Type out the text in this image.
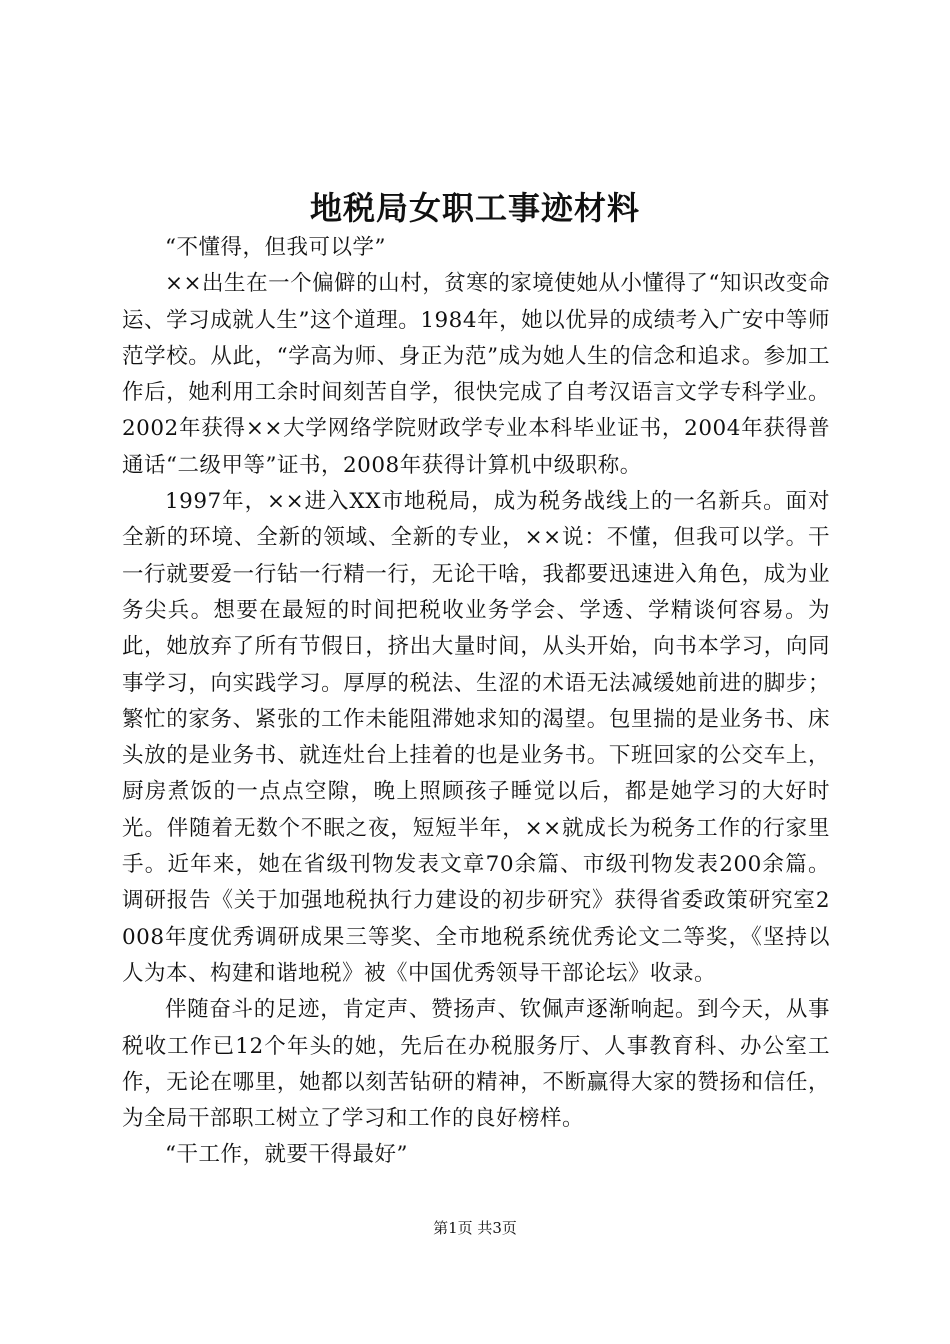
地税局女职工事迹材料

“不懂得，但我可以学”

××出生在一个偏僻的山村，贫寒的家境使她从小懂得了“知识改变命运、学习成就人生”这个道理。1984年，她以优异的成绩考入广安中等师范学校。从此，“学高为师、身正为范”成为她人生的信念和追求。参加工作后，她利用工余时间刻苦自学，很快完成了自考汉语言文学专科学业。2002年获得××大学网络学院财政学专业本科毕业证书，2004年获得普通话“二级甲等”证书，2008年获得计算机中级职称。

1997年，××进入XX市地税局，成为税务战线上的一名新兵。面对全新的环境、全新的领域、全新的专业，××说：不懂，但我可以学。干一行就要爱一行钻一行精一行，无论干啥，我都要迅速进入角色，成为业务尖兵。想要在最短的时间把税收业务学会、学透、学精谈何容易。为此，她放弃了所有节假日，挤出大量时间，从头开始，向书本学习，向同事学习，向实践学习。厚厚的税法、生涩的术语无法减缓她前进的脚步；繁忙的家务、紧张的工作未能阻滞她求知的渴望。包里揣的是业务书、床头放的是业务书、就连灶台上挂着的也是业务书。下班回家的公交车上，厨房煮饭的一点点空隙，晚上照顾孩子睡觉以后，都是她学习的大好时光。伴随着无数个不眠之夜，短短半年，××就成长为税务工作的行家里手。近年来，她在省级刊物发表文章70余篇、市级刊物发表200余篇。调研报告《关于加强地税执行力建设的初步研究》获得省委政策研究室2008年度优秀调研成果三等奖、全市地税系统优秀论文二等奖，《坚持以人为本、构建和谐地税》被《中国优秀领导干部论坛》收录。

伴随奋斗的足迹，肯定声、赞扬声、钦佩声逐渐响起。到今天，从事税收工作已12个年头的她，先后在办税服务厅、人事教育科、办公室工作，无论在哪里，她都以刻苦钻研的精神，不断赢得大家的赞扬和信任，为全局干部职工树立了学习和工作的良好榜样。

“干工作，就要干得最好”

第1页 共3页
